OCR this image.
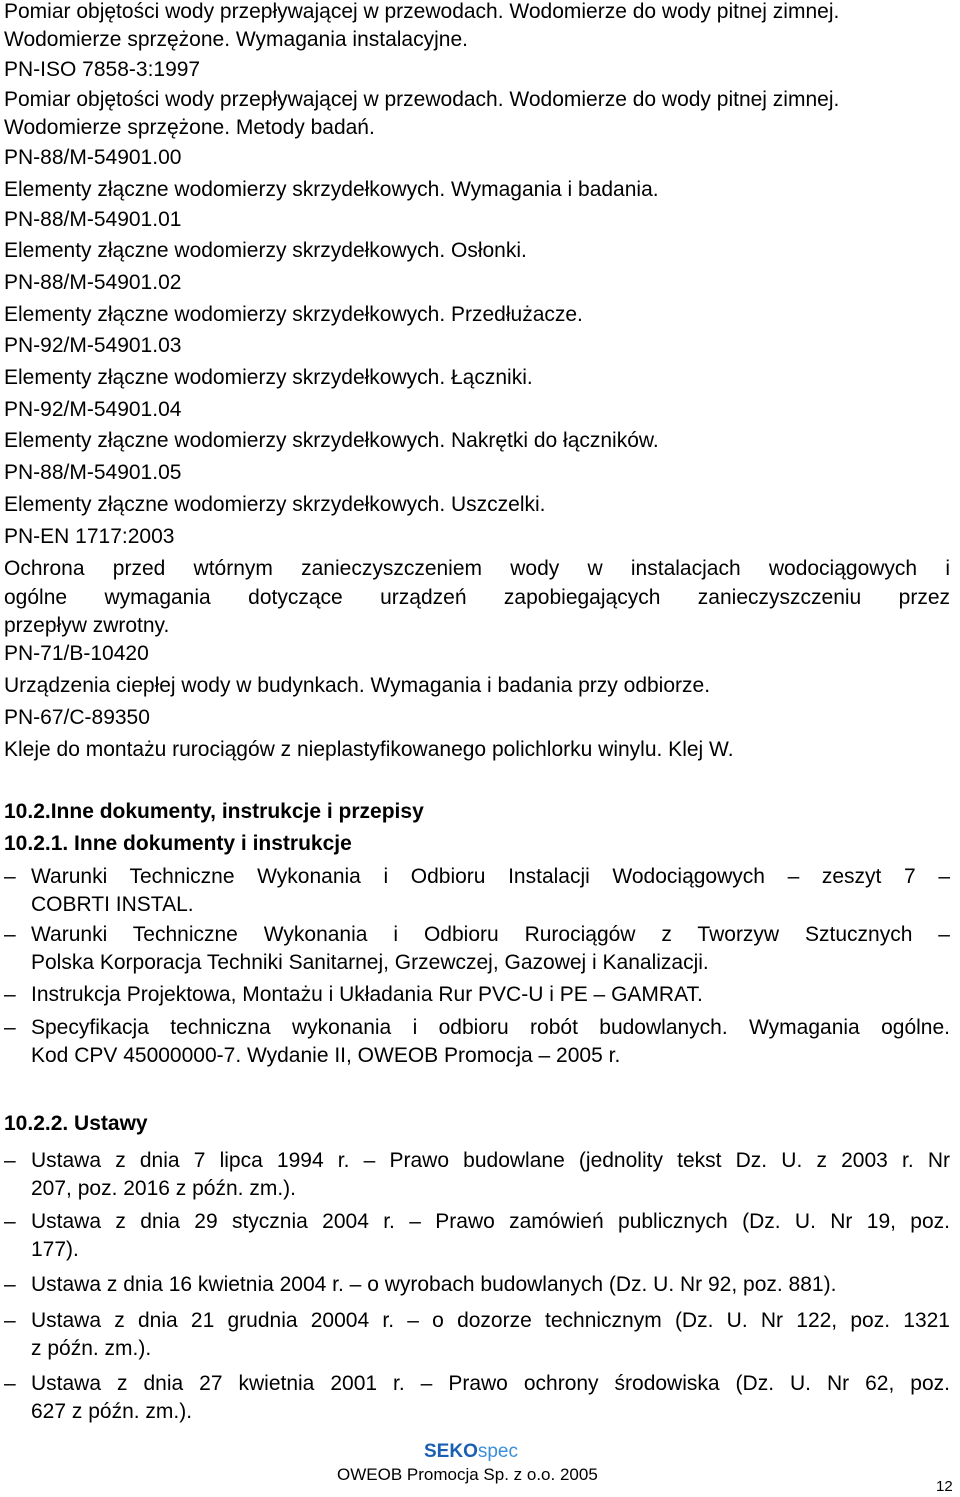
Pomiar objętości wody przepływającej w przewodach. Wodomierze do wody pitnej zimnej.
Wodomierze sprzężone. Wymagania instalacyjne.
PN-ISO 7858-3:1997
Pomiar objętości wody przepływającej w przewodach. Wodomierze do wody pitnej zimnej.
Wodomierze sprzężone. Metody badań.
PN-88/M-54901.00
Elementy złączne wodomierzy skrzydełkowych. Wymagania i badania.
PN-88/M-54901.01
Elementy złączne wodomierzy skrzydełkowych. Osłonki.
PN-88/M-54901.02
Elementy złączne wodomierzy skrzydełkowych. Przedłużacze.
PN-92/M-54901.03
Elementy złączne wodomierzy skrzydełkowych. Łączniki.
PN-92/M-54901.04
Elementy złączne wodomierzy skrzydełkowych. Nakrętki do łączników.
PN-88/M-54901.05
Elementy złączne wodomierzy skrzydełkowych. Uszczelki.
PN-EN 1717:2003
Ochrona przed wtórnym zanieczyszczeniem wody w instalacjach wodociągowych i
ogólne wymagania dotyczące urządzeń zapobiegających zanieczyszczeniu przez
przepływ zwrotny.
PN-71/B-10420
Urządzenia ciepłej wody w budynkach. Wymagania i badania przy odbiorze.
PN-67/C-89350
Kleje do montażu rurociągów z nieplastyfikowanego polichlorku winylu. Klej W.
10.2.Inne dokumenty, instrukcje i przepisy
10.2.1. Inne dokumenty i instrukcje
– Warunki Techniczne Wykonania i Odbioru Instalacji Wodociągowych – zeszyt 7 –
COBRTI INSTAL.
– Warunki Techniczne Wykonania i Odbioru Rurociągów z Tworzyw Sztucznych –
Polska Korporacja Techniki Sanitarnej, Grzewczej, Gazowej i Kanalizacji.
– Instrukcja Projektowa, Montażu i Układania Rur PVC-U i PE – GAMRAT.
– Specyfikacja techniczna wykonania i odbioru robót budowlanych. Wymagania ogólne.
Kod CPV 45000000-7. Wydanie II, OWEOB Promocja – 2005 r.
10.2.2. Ustawy
– Ustawa z dnia 7 lipca 1994 r. – Prawo budowlane (jednolity tekst Dz. U. z 2003 r. Nr
207, poz. 2016 z późn. zm.).
– Ustawa z dnia 29 stycznia 2004 r. – Prawo zamówień publicznych (Dz. U. Nr 19, poz.
177).
– Ustawa z dnia 16 kwietnia 2004 r. – o wyrobach budowlanych (Dz. U. Nr 92, poz. 881).
– Ustawa z dnia 21 grudnia 20004 r. – o dozorze technicznym (Dz. U. Nr 122, poz. 1321
z późn. zm.).
– Ustawa z dnia 27 kwietnia 2001 r. – Prawo ochrony środowiska (Dz. U. Nr 62, poz.
627 z późn. zm.).
SEKOspec
OWEOB Promocja Sp. z o.o. 2005
12
